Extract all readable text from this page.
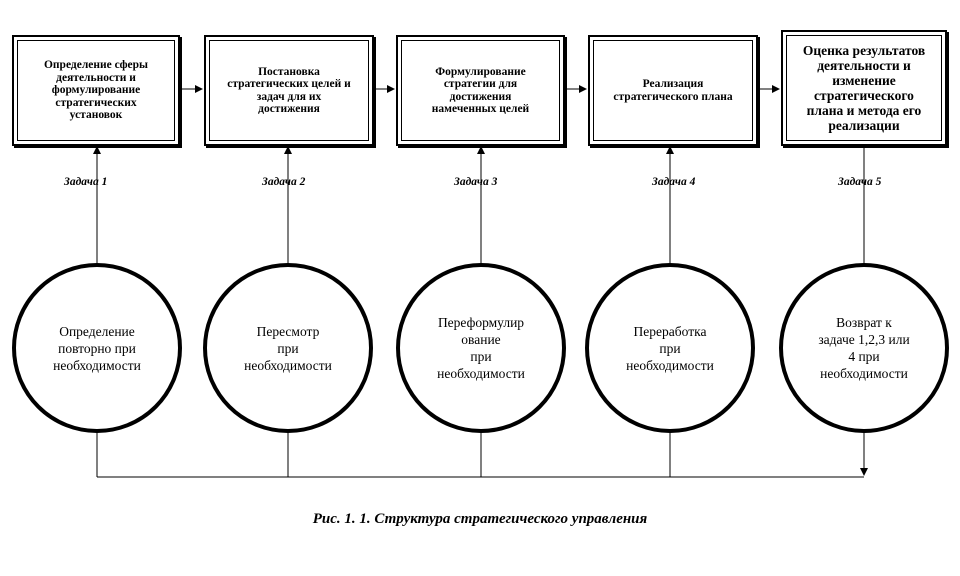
Определение сферы
деятельности и
формулирование
стратегических
установок
Постановка
стратегических целей и
задач для их
достижения
Формулирование
стратегии для
достижения
намеченных целей
Реализация
стратегического плана
Оценка результатов
деятельности и
изменение
стратегического
плана и метода его
реализации
Задача 1	Задача 2	Задача 3	Задача 4	Задача 5
Определение
повторно при
необходимости
Пересмотр
при
необходимости
Переформулир
ование
при
необходимости
Переработка
при
необходимости
Возврат к
задаче 1,2,3 или
4 при
необходимости
Рис. 1. 1. Структура стратегического управления
